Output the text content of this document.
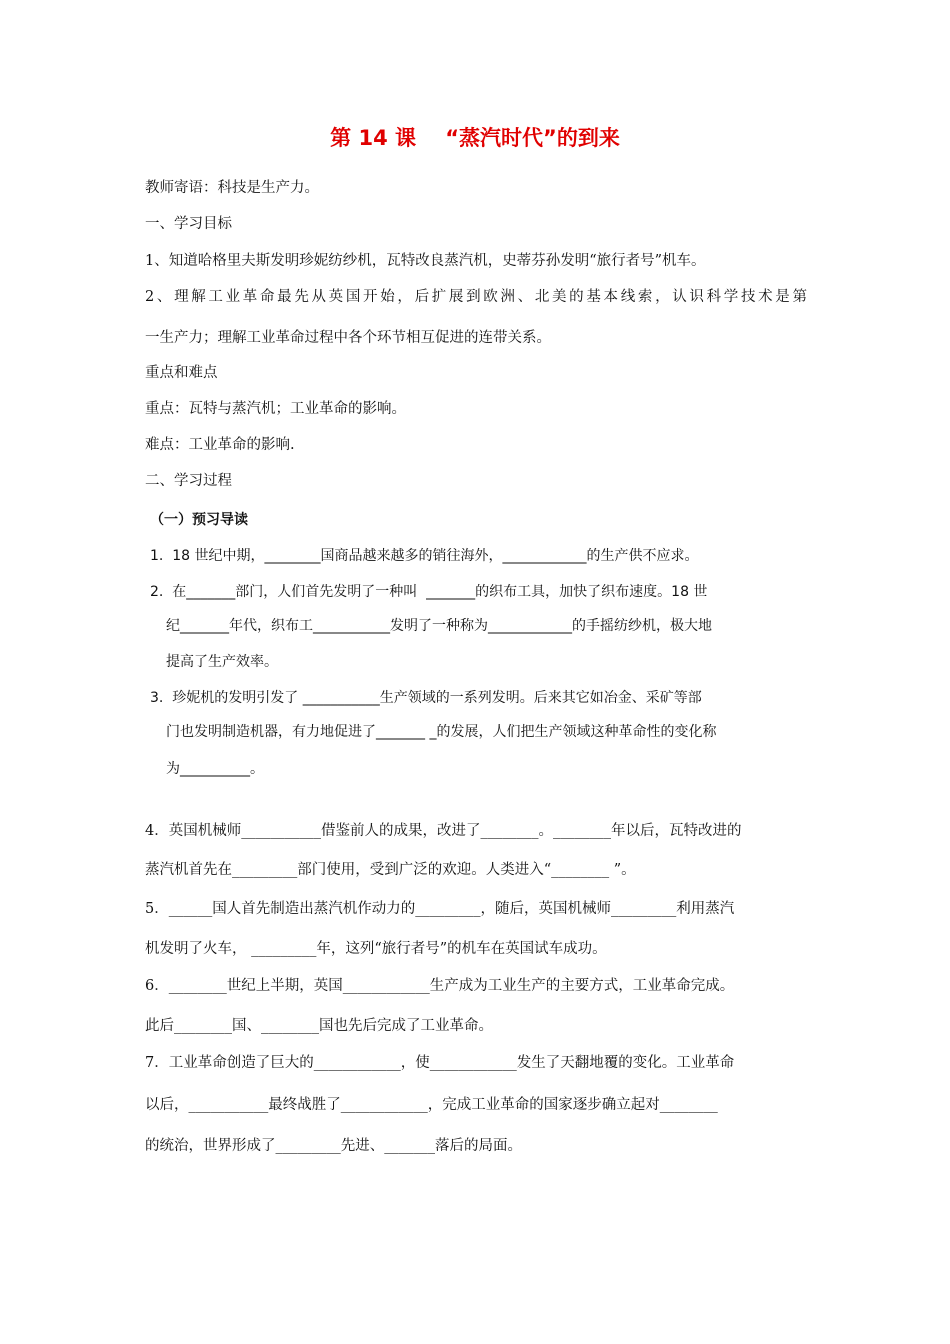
第 14 课    “蒸汽时代”的到来
教师寄语：科技是生产力。
一、学习目标
1、知道哈格里夫斯发明珍妮纺纱机，瓦特改良蒸汽机，史蒂芬孙发明“旅行者号”机车。
2、理解工业革命最先从英国开始，后扩展到欧洲、北美的基本线索，认识科学技术是第
一生产力；理解工业革命过程中各个环节相互促进的连带关系。
重点和难点
重点：瓦特与蒸汽机；工业革命的影响。
难点：工业革命的影响.
二、学习过程
（一）预习导读
1.  18 世纪中期，________国商品越来越多的销往海外，____________的生产供不应求。
2.  在_______部门，人们首先发明了一种叫  _______的织布工具，加快了织布速度。18 世
纪_______年代，织布工___________发明了一种称为____________的手摇纺纱机，极大地
提高了生产效率。
3.  珍妮机的发明引发了 ___________生产领域的一系列发明。后来其它如冶金、采矿等部
门也发明制造机器，有力地促进了_______ _的发展，人们把生产领域这种革命性的变化称
为__________。
4．英国机械师___________借鉴前人的成果，改进了________。________年以后，瓦特改进的
蒸汽机首先在_________部门使用，受到广泛的欢迎。人类进入“________ ”。
5．______国人首先制造出蒸汽机作动力的_________，随后，英国机械师_________利用蒸汽
机发明了火车， _________年，这列“旅行者号”的机车在英国试车成功。
6．________世纪上半期，英国____________生产成为工业生产的主要方式，工业革命完成。
此后________国、________国也先后完成了工业革命。
7．工业革命创造了巨大的____________，使____________发生了天翻地覆的变化。工业革命
以后，___________最终战胜了____________，完成工业革命的国家逐步确立起对________
的统治，世界形成了_________先进、_______落后的局面。
